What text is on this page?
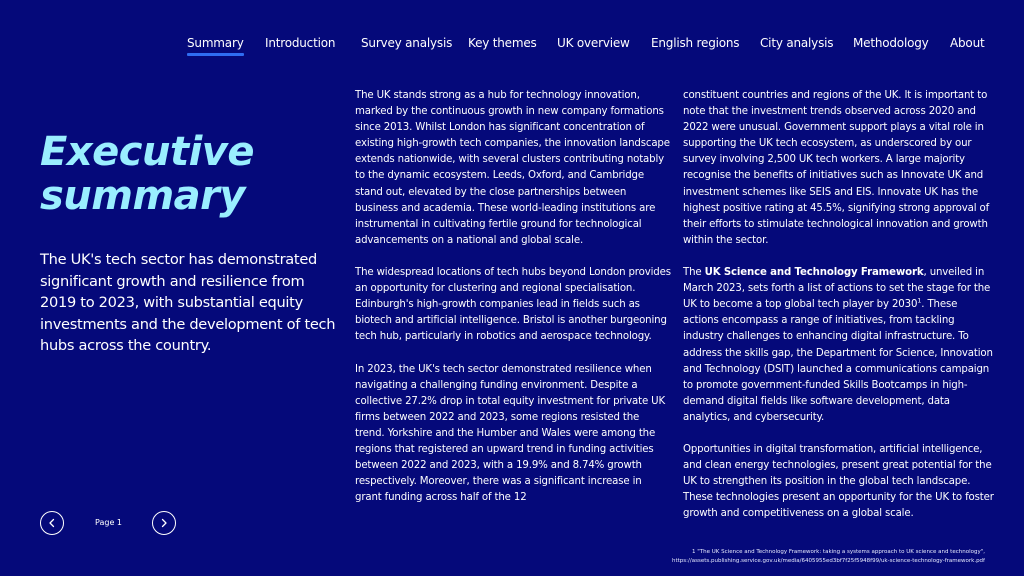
Summary Introduction Survey analysis Key themes UK overview English regions City analysis Methodology About
Executive
summary
The UK's tech sector has demonstrated significant growth and resilience from 2019 to 2023, with substantial equity investments and the development of tech hubs across the country.

The UK stands strong as a hub for technology innovation, marked by the continuous growth in new company formations since 2013. Whilst London has significant concentration of existing high-growth tech companies, the innovation landscape extends nationwide, with several clusters contributing notably to the dynamic ecosystem. Leeds, Oxford, and Cambridge stand out, elevated by the close partnerships between business and academia. These world-leading institutions are instrumental in cultivating fertile ground for technological advancements on a national and global scale.

The widespread locations of tech hubs beyond London provides an opportunity for clustering and regional specialisation. Edinburgh's high-growth companies lead in fields such as biotech and artificial intelligence. Bristol is another burgeoning tech hub, particularly in robotics and aerospace technology.

In 2023, the UK's tech sector demonstrated resilience when navigating a challenging funding environment. Despite a collective 27.2% drop in total equity investment for private UK firms between 2022 and 2023, some regions resisted the trend. Yorkshire and the Humber and Wales were among the regions that registered an upward trend in funding activities between 2022 and 2023, with a 19.9% and 8.74% growth respectively. Moreover, there was a significant increase in grant funding across half of the 12

constituent countries and regions of the UK. It is important to note that the investment trends observed across 2020 and 2022 were unusual. Government support plays a vital role in supporting the UK tech ecosystem, as underscored by our survey involving 2,500 UK tech workers. A large majority recognise the benefits of initiatives such as Innovate UK and investment schemes like SEIS and EIS. Innovate UK has the highest positive rating at 45.5%, signifying strong approval of their efforts to stimulate technological innovation and growth within the sector.

The UK Science and Technology Framework, unveiled in March 2023, sets forth a list of actions to set the stage for the UK to become a top global tech player by 2030$^1$. These actions encompass a range of initiatives, from tackling industry challenges to enhancing digital infrastructure. To address the skills gap, the Department for Science, Innovation and Technology (DSIT) launched a communications campaign to promote government-funded Skills Bootcamps in high-demand digital fields like software development, data analytics, and cybersecurity.

Opportunities in digital transformation, artificial intelligence, and clean energy technologies, present great potential for the UK to strengthen its position in the global tech landscape. These technologies present an opportunity for the UK to foster growth and competitiveness on a global scale.

Page 1
1 "The UK Science and Technology Framework: taking a systems approach to UK science and technology",
https://assets.publishing.service.gov.uk/media/6405955ed3bf7f25f5948f99/uk-science-technology-framework.pdf
